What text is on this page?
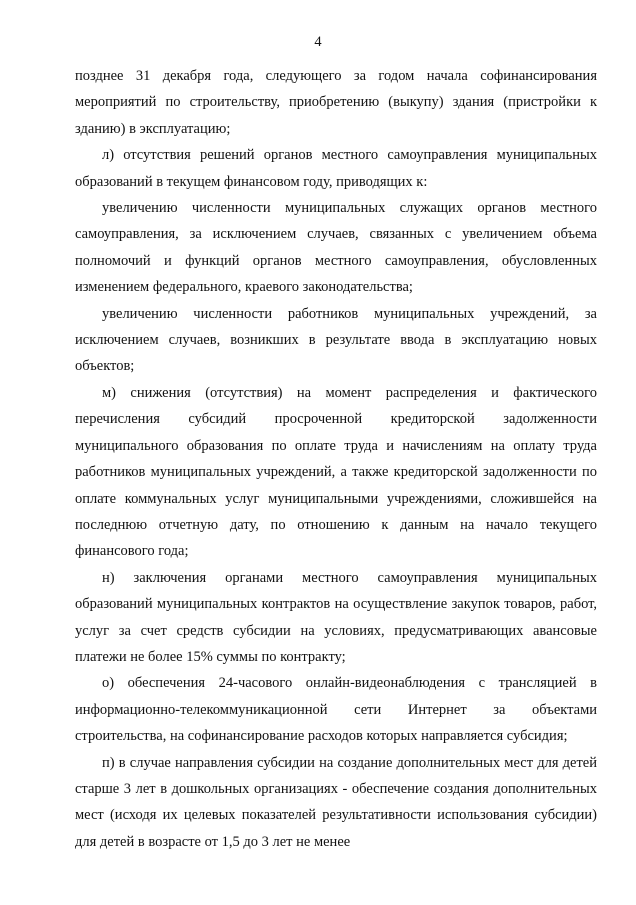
4

позднее 31 декабря года, следующего за годом начала софинансирования мероприятий по строительству, приобретению (выкупу) здания (пристройки к зданию) в эксплуатацию;

л) отсутствия решений органов местного самоуправления муниципальных образований в текущем финансовом году, приводящих к:

увеличению численности муниципальных служащих органов местного самоуправления, за исключением случаев, связанных с увеличением объема полномочий и функций органов местного самоуправления, обусловленных изменением федерального, краевого законодательства;

увеличению численности работников муниципальных учреждений, за исключением случаев, возникших в результате ввода в эксплуатацию новых объектов;

м) снижения (отсутствия) на момент распределения и фактического перечисления субсидий просроченной кредиторской задолженности муниципального образования по оплате труда и начислениям на оплату труда работников муниципальных учреждений, а также кредиторской задолженности по оплате коммунальных услуг муниципальными учреждениями, сложившейся на последнюю отчетную дату, по отношению к данным на начало текущего финансового года;

н) заключения органами местного самоуправления муниципальных образований муниципальных контрактов на осуществление закупок товаров, работ, услуг за счет средств субсидии на условиях, предусматривающих авансовые платежи не более 15% суммы по контракту;

о) обеспечения 24-часового онлайн-видеонаблюдения с трансляцией в информационно-телекоммуникационной сети Интернет за объектами строительства, на софинансирование расходов которых направляется субсидия;

п) в случае направления субсидии на создание дополнительных мест для детей старше 3 лет в дошкольных организациях - обеспечение создания дополнительных мест (исходя их целевых показателей результативности использования субсидии) для детей в возрасте от 1,5 до 3 лет не менее
